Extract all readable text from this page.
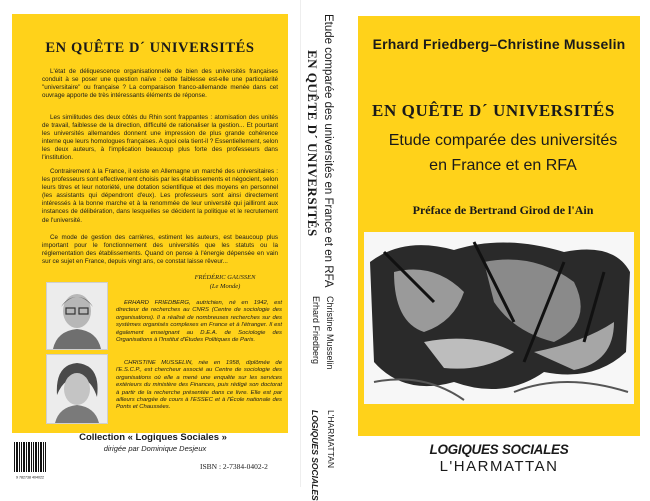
EN QUÊTE D´ UNIVERSITÉS
L'état de déliquescence organisationnelle de bien des universités françaises conduit à se poser une question naïve : cette faiblesse est-elle une particularité "universitaire" ou française ? La comparaison franco-allemande menée dans cet ouvrage apporte de très intéressants éléments de réponse.
Les similitudes des deux côtés du Rhin sont frappantes : atomisation des unités de travail, faiblesse de la direction, difficulté de rationaliser la gestion... Et pourtant les universités allemandes donnent une impression de plus grande cohérence interne que leurs homologues françaises. A quoi cela tient-il ? Essentiellement, selon les deux auteurs, à l'implication beaucoup plus forte des professeurs dans l'institution.
Contrairement à la France, il existe en Allemagne un marché des universitaires : les professeurs sont effectivement choisis par les établissements et négocient, selon leurs titres et leur notoriété, une dotation scientifique et des moyens en personnel (les assistants qui dépendront d'eux). Les professeurs sont ainsi directement intéressés à la bonne marche et à la renommée de leur université qui jailliront aux instances de délibération, dans lesquelles se décident la politique et le recrutement de l'université.
Ce mode de gestion des carrières, estiment les auteurs, est beaucoup plus important pour le fonctionnement des universités que les statuts ou la réglementation des établissements. Quand on pense à l'énergie dépensée en vain sur ce sujet en France, depuis vingt ans, ce constat laisse rêveur...
FRÉDÉRIC GAUSSEN
(Le Monde)
ERHARD FRIEDBERG, autrichien, né en 1942, est directeur de recherches au CNRS (Centre de sociologie des organisations). Il a réalisé de nombreuses recherches sur des systèmes organisés complexes en France et à l'étranger. Il est également enseignant au D.E.A. de Sociologie des Organisations à l'Institut d'Études Politiques de Paris.
CHRISTINE MUSSELIN, née en 1958, diplômée de l'E.S.C.P., est chercheur associé au Centre de sociologie des organisations où elle a mené une enquête sur les services extérieurs du ministère des Finances, puis rédigé son doctorat à partir de la recherche présentée dans ce livre. Elle est par ailleurs chargée de cours à l'ESSEC et à l'École nationale des Ponts et Chaussées.
Collection « Logiques Sociales »
dirigée par Dominique Desjeux
9 782738 404022
ISBN : 2-7384-0402-2
EN QUÊTE D´ UNIVERSITÉS Etude comparée des universités en France et en RFA
Erhard Friedberg Christine Musselin
LOGIQUES SOCIALES L'HARMATTAN
Erhard Friedberg–Christine Musselin
EN QUÊTE D´ UNIVERSITÉS
Etude comparée des universités
en France et en RFA
Préface de Bertrand Girod de l'Ain
LOGIQUES SOCIALES
L'HARMATTAN
